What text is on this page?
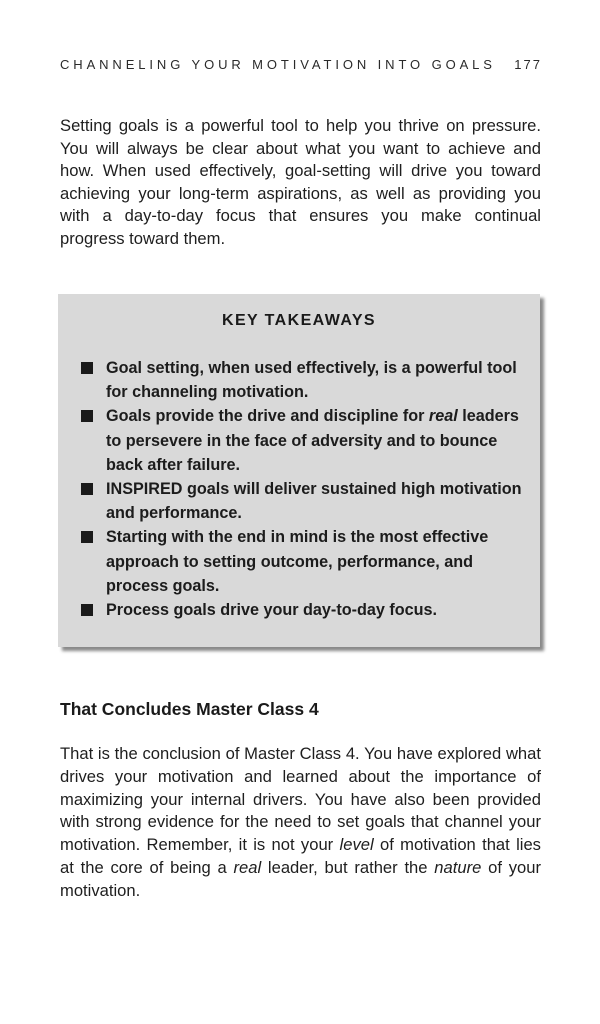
CHANNELING YOUR MOTIVATION INTO GOALS 177

Setting goals is a powerful tool to help you thrive on pressure. You will always be clear about what you want to achieve and how. When used effectively, goal-setting will drive you toward achieving your long-term aspirations, as well as providing you with a day-to-day focus that ensures you make continual progress toward them.

KEY TAKEAWAYS
Goal setting, when used effectively, is a powerful tool for channeling motivation.
Goals provide the drive and discipline for real leaders to persevere in the face of adversity and to bounce back after failure.
INSPIRED goals will deliver sustained high motivation and performance.
Starting with the end in mind is the most effective approach to setting outcome, performance, and process goals.
Process goals drive your day-to-day focus.
That Concludes Master Class 4

That is the conclusion of Master Class 4. You have explored what drives your motivation and learned about the importance of maximizing your internal drivers. You have also been provided with strong evidence for the need to set goals that channel your motivation. Remember, it is not your level of motivation that lies at the core of being a real leader, but rather the nature of your motivation.
